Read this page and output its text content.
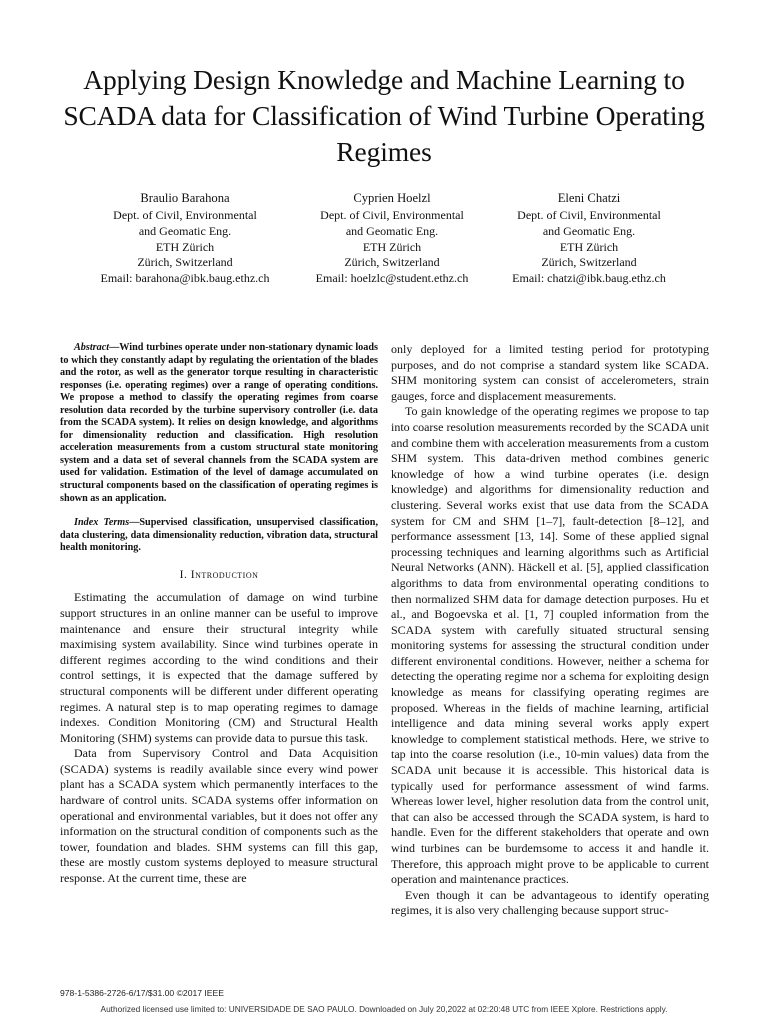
Applying Design Knowledge and Machine Learning to SCADA data for Classification of Wind Turbine Operating Regimes
Braulio Barahona
Dept. of Civil, Environmental
and Geomatic Eng.
ETH Zürich
Zürich, Switzerland
Email: barahona@ibk.baug.ethz.ch
Cyprien Hoelzl
Dept. of Civil, Environmental
and Geomatic Eng.
ETH Zürich
Zürich, Switzerland
Email: hoelzlc@student.ethz.ch
Eleni Chatzi
Dept. of Civil, Environmental
and Geomatic Eng.
ETH Zürich
Zürich, Switzerland
Email: chatzi@ibk.baug.ethz.ch

Abstract—Wind turbines operate under non-stationary dynamic loads to which they constantly adapt by regulating the orientation of the blades and the rotor, as well as the generator torque resulting in characteristic responses (i.e. operating regimes) over a range of operating conditions. We propose a method to classify the operating regimes from coarse resolution data recorded by the turbine supervisory controller (i.e. data from the SCADA system). It relies on design knowledge, and algorithms for dimensionality reduction and classification. High resolution acceleration measurements from a custom structural state monitoring system and a data set of several channels from the SCADA system are used for validation. Estimation of the level of damage accumulated on structural components based on the classification of operating regimes is shown as an application.

Index Terms—Supervised classification, unsupervised classification, data clustering, data dimensionality reduction, vibration data, structural health monitoring.

I. Introduction

Estimating the accumulation of damage on wind turbine support structures in an online manner can be useful to improve maintenance and ensure their structural integrity while maximising system availability. Since wind turbines operate in different regimes according to the wind conditions and their control settings, it is expected that the damage suffered by structural components will be different under different operating regimes. A natural step is to map operating regimes to damage indexes. Condition Monitoring (CM) and Structural Health Monitoring (SHM) systems can provide data to pursue this task.

Data from Supervisory Control and Data Acquisition (SCADA) systems is readily available since every wind power plant has a SCADA system which permanently interfaces to the hardware of control units. SCADA systems offer information on operational and environmental variables, but it does not offer any information on the structural condition of components such as the tower, foundation and blades. SHM systems can fill this gap, these are mostly custom systems deployed to measure structural response. At the current time, these are

only deployed for a limited testing period for prototyping purposes, and do not comprise a standard system like SCADA. SHM monitoring system can consist of accelerometers, strain gauges, force and displacement measurements.

To gain knowledge of the operating regimes we propose to tap into coarse resolution measurements recorded by the SCADA unit and combine them with acceleration measurements from a custom SHM system. This data-driven method combines generic knowledge of how a wind turbine operates (i.e. design knowledge) and algorithms for dimensionality reduction and clustering. Several works exist that use data from the SCADA system for CM and SHM [1–7], fault-detection [8–12], and performance assessment [13, 14]. Some of these applied signal processing techniques and learning algorithms such as Artificial Neural Networks (ANN). Häckell et al. [5], applied classification algorithms to data from environmental operating conditions to then normalized SHM data for damage detection purposes. Hu et al., and Bogoevska et al. [1, 7] coupled information from the SCADA system with carefully situated structural sensing monitoring systems for assessing the structural condition under different environental conditions. However, neither a schema for detecting the operating regime nor a schema for exploiting design knowledge as means for classifying operating regimes are proposed. Whereas in the fields of machine learning, artificial intelligence and data mining several works apply expert knowledge to complement statistical methods. Here, we strive to tap into the coarse resolution (i.e., 10-min values) data from the SCADA unit because it is accessible. This historical data is typically used for performance assessment of wind farms. Whereas lower level, higher resolution data from the control unit, that can also be accessed through the SCADA system, is hard to handle. Even for the different stakeholders that operate and own wind turbines can be burdemsome to access it and handle it. Therefore, this approach might prove to be applicable to current operation and maintenance practices.

Even though it can be advantageous to identify operating regimes, it is also very challenging because support struc-

978-1-5386-2726-6/17/$31.00 ©2017 IEEE
Authorized licensed use limited to: UNIVERSIDADE DE SAO PAULO. Downloaded on July 20,2022 at 02:20:48 UTC from IEEE Xplore. Restrictions apply.
